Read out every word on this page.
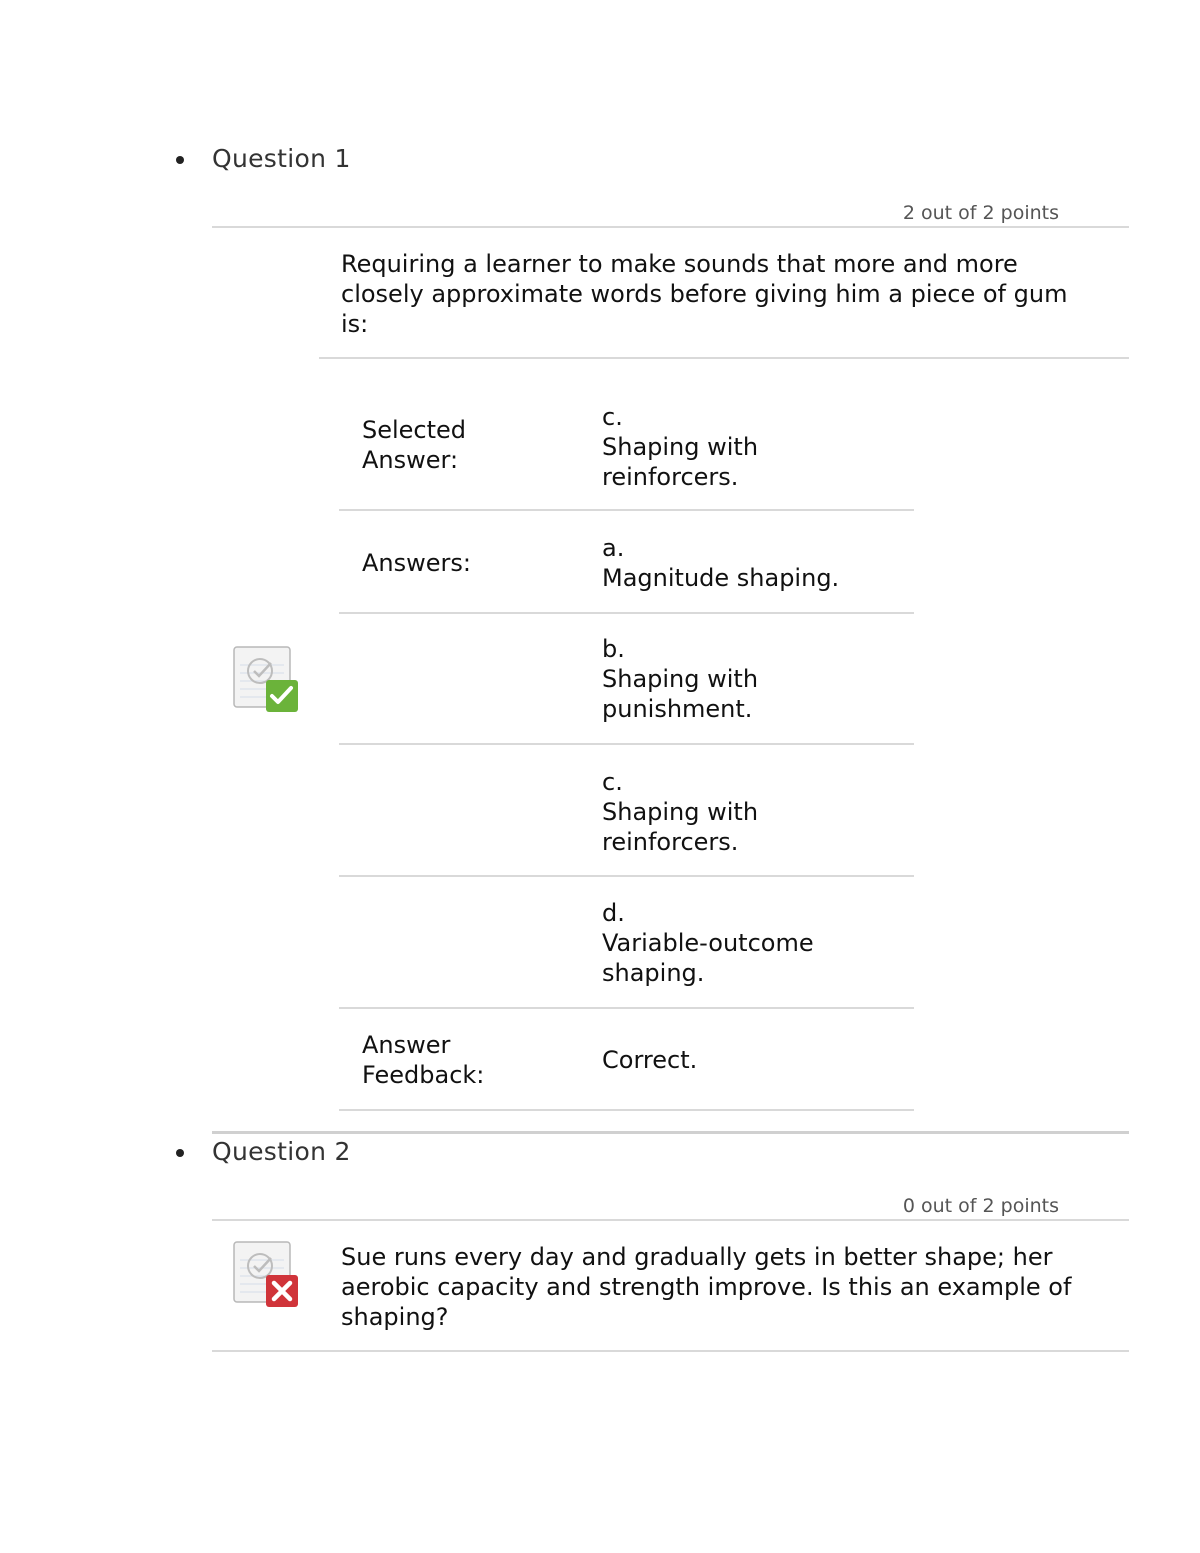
Question 1
2 out of 2 points
Requiring a learner to make sounds that more and more closely approximate words before giving him a piece of gum is:
Selected Answer:
c.
Shaping with reinforcers.
Answers:
a.
Magnitude shaping.
b.
Shaping with punishment.
c.
Shaping with reinforcers.
d.
Variable-outcome shaping.
Answer Feedback:
Correct.
Question 2
0 out of 2 points
Sue runs every day and gradually gets in better shape; her aerobic capacity and strength improve. Is this an example of shaping?
